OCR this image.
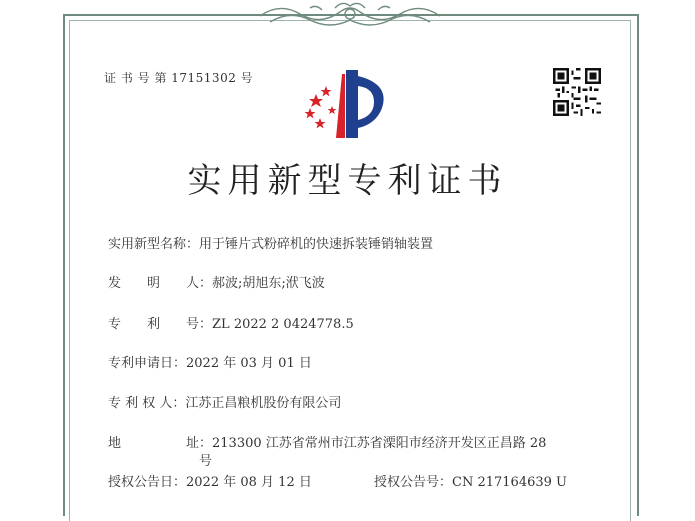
证 书 号 第 17151302 号
实用新型专利证书
实用新型名称：用于锤片式粉碎机的快速拆装锤销轴装置
发　　明　　人：郝波;胡旭东;洑飞波
专　　利　　号：ZL 2022 2 0424778.5
专利申请日：2022 年 03 月 01 日
专 利 权 人：江苏正昌粮机股份有限公司
地　　　　　址：213300 江苏省常州市江苏省溧阳市经济开发区正昌路 28
号
授权公告日：2022 年 08 月 12 日	授权公告号：CN 217164639 U
